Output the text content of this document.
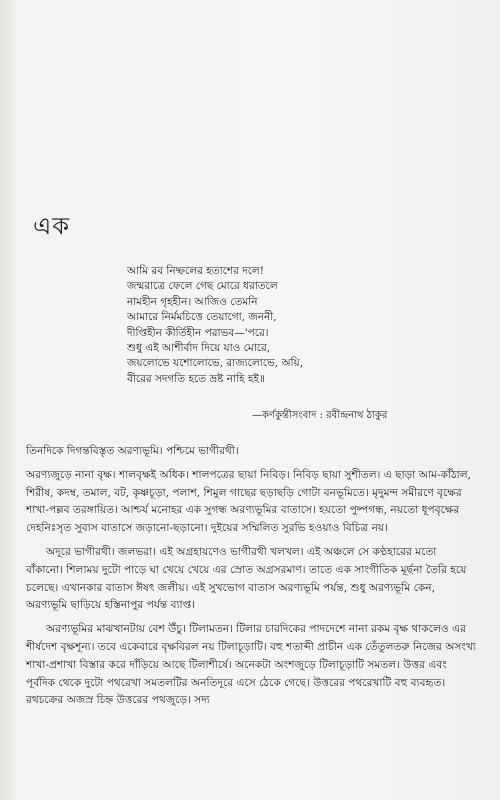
এক
আমি রব নিষ্ফলের হতাশের দলে!
জন্মরাত্রে ফেলে গেছ মোরে ধরাতলে
নামহীন গৃহহীন। আজিও তেমনি
আমারে নির্মমচিত্তে তেয়াগো, জননী,
দীপ্তিহীন কীর্তিহীন পরাভব—'পরে।
শুধু এই আশীর্বাদ দিয়ে যাও মোরে,
জয়লোভে যশোলোভে, রাজ্যলোভে, অয়ি,
বীরের সদগতি হতে ভ্রষ্ট নাহি হই॥
—কর্ণকুন্তীসংবাদ : রবীন্দ্রনাথ ঠাকুর

তিনদিকে দিগন্তবিস্তৃত অরণ্যভূমি। পশ্চিমে ভাগীরথী।

অরণ্যজুড়ে নানা বৃক্ষ। শালবৃক্ষই অধিক। শালপত্রের ছায়া নিবিড়। নিবিড় ছায়া সুশীতল। এ ছাড়া আম-কাঁঠাল, শিরীষ, কদম্ব, তমাল, বট, কৃষ্ণচূড়া, পলাশ, শিমুল গাছের ছড়াছড়ি গোটা বনভূমিতে। মৃদুমন্দ সমীরণে বৃক্ষের শাখা-পল্লব তরঙ্গায়িত। আশ্চর্য মনোহর এক সুগন্ধ অরণ্যভূমির বাতাসে। হয়তো পুষ্পগন্ধ, নয়তো ধূপবৃক্ষের দেহনিঃসৃত সুবাস বাতাসে জড়ানো-ছড়ানো। দুইয়ের সম্মিলিত সুরভি হওয়াও বিচিত্র নয়।

অদূরে ভাগীরথী। জলভরা। এই অগ্রহায়ণেও ভাগীরথী খলখল। এই অঞ্চলে সে কণ্ঠহারের মতো বাঁকানো। শিলাময় দুটো পাড়ে ঘা খেয়ে খেয়ে এর স্রোত অগ্রসরমাণ। তাতে এক সাংগীতিক মূর্ছনা তৈরি হয়ে চলেছে। এখানকার বাতাস ঈষৎ জলীয়। এই সুখভোগ বাতাস অরণ্যভূমি পর্যন্ত, শুধু অরণ্যভূমি কেন, অরণ্যভূমি ছাড়িয়ে হস্তিনাপুর পর্যন্ত ব্যাপ্ত।

অরণ্যভূমির মাঝখানটায় বেশ উঁচু। টিলামতন। টিলার চারদিকের পাদদেশে নানা রকম বৃক্ষ থাকলেও এর শীর্ষদেশ বৃক্ষশূন্য। তবে একেবারে বৃক্ষবিরল নয় টিলাচূড়াটি। বহু শতাব্দী প্রাচীন এক তেঁতুলতরু নিজের অসংখ্য শাখা-প্রশাখা বিস্তার করে দাঁড়িয়ে আছে টিলাশীর্ষে। অনেকটা অংশজুড়ে টিলাচূড়াটি সমতল। উত্তর এবং পূর্বদিক থেকে দুটো পথরেখা সমতলটির অনতিদূরে এসে ঠেকে গেছে। উত্তরের পথরেখাটি বহু ব্যবহৃত। রথচক্রের অজস্র চিহ্ন উত্তরের পথজুড়ে। সদ্য
